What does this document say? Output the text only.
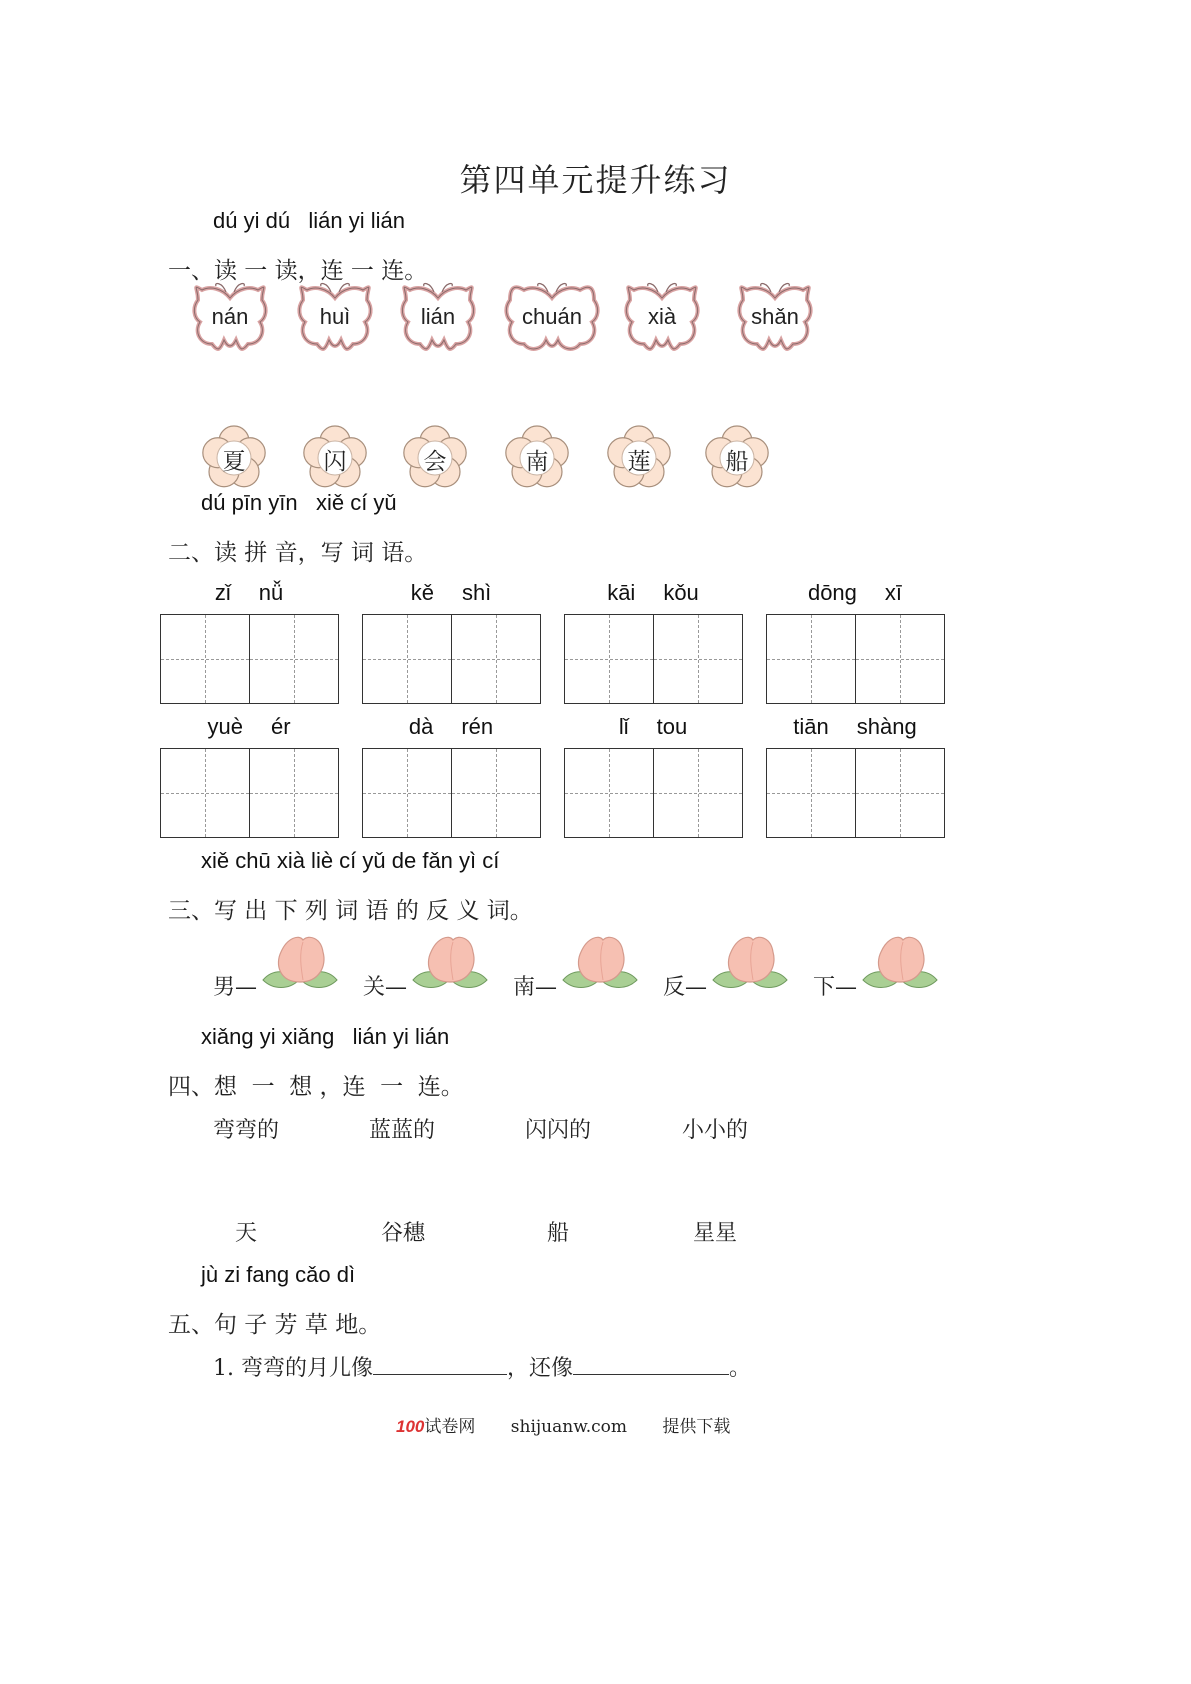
第四单元提升练习
dú yi dú   lián yi lián
一、读 一 读，连 一 连。
dú pīn yīn   xiě cí yǔ
二、读 拼 音，写 词 语。
xiě chū xià liè cí yǔ de fǎn yì cí
三、写 出 下 列 词 语 的 反 义 词。
xiǎng yi xiǎng   lián yi lián
四、想  一  想 ，连  一  连。
jù zi fang cǎo dì
五、句 子 芳 草 地。
1. 弯弯的月儿像	，还像	。
100试卷网 shijuanw.com 提供下载
nán	huì	lián	chuán	xià	shǎn
夏	闪	会	南	莲	船
zǐ nǚ	kě shì	kāi kǒu	dōng xī
yuè ér	dà rén	lǐ tou	tiān shàng
男—	关—	南—	反—	下—
弯弯的	蓝蓝的	闪闪的	小小的
天	谷穗	船	星星
